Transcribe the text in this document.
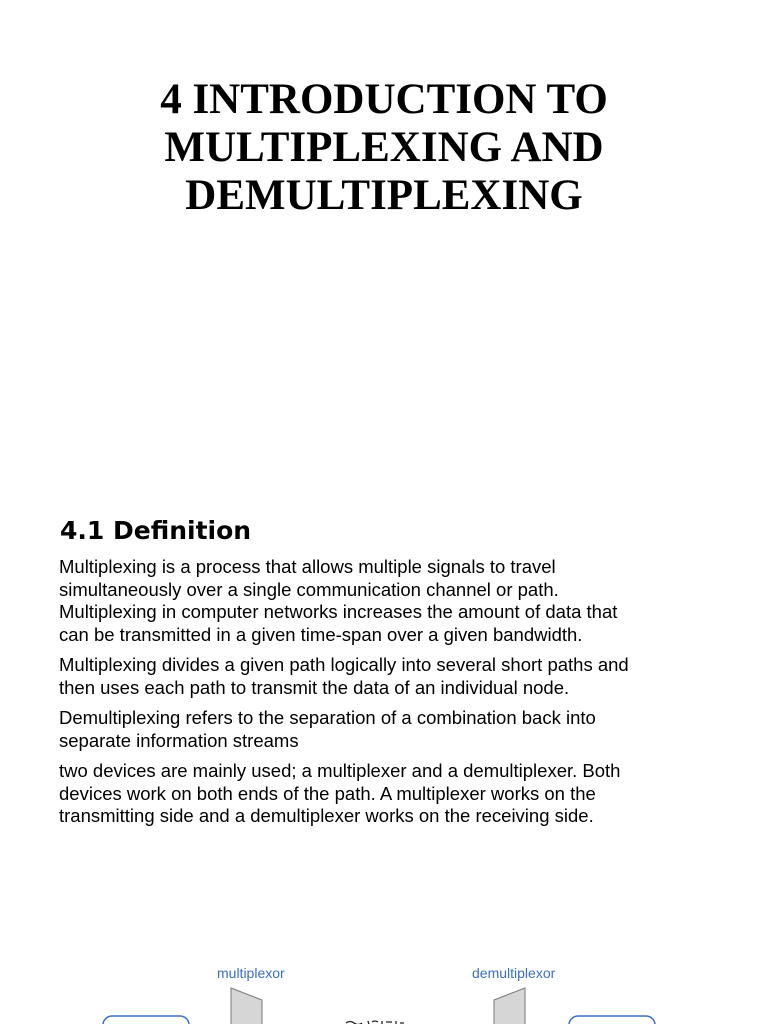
4 INTRODUCTION TO
MULTIPLEXING AND
DEMULTIPLEXING
4.1 Definition

Multiplexing is a process that allows multiple signals to travel
simultaneously over a single communication channel or path.
Multiplexing in computer networks increases the amount of data that
can be transmitted in a given time-span over a given bandwidth.

Multiplexing divides a given path logically into several short paths and
then uses each path to transmit the data of an individual node.

Demultiplexing refers to the separation of a combination back into
separate information streams

two devices are mainly used; a multiplexer and a demultiplexer. Both
devices work on both ends of the path. A multiplexer works on the
transmitting side and a demultiplexer works on the receiving side.

multiplexor	demultiplexor
